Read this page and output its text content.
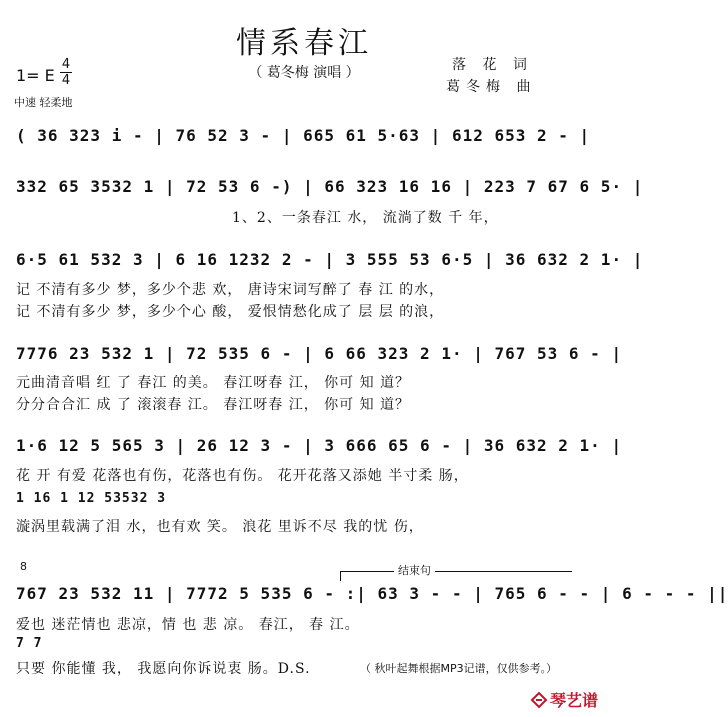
情系春江
（ 葛冬梅 演唱 ）	落 花 词
葛冬梅 曲
1= E
4
4
中速 轻柔地
( 36 323 i - | 76 52 3 - | 665 61 5·63 | 612 653 2 - |
332 65 3532 1 | 72 53 6 -) | 66 323 16 16 | 223 7 67 6 5· |
1、2、一条春江 水， 流淌了数 千 年，
6·5 61 532 3 | 6 16 1232 2 - | 3 555 53 6·5 | 36 632 2 1· |
记 不清有多少 梦，多少个悲 欢， 唐诗宋词写醉了 春 江 的水，
记 不清有多少 梦，多少个心 酸， 爱恨情愁化成了 层 层 的浪，
7776 23 532 1 | 72 535 6 - | 6 66 323 2 1· | 767 53 6 - |
元曲清音唱 红 了 春江 的美。 春江呀春 江， 你可 知 道？
分分合合汇 成 了 滚滚春 江。 春江呀春 江， 你可 知 道？
1·6 12 5 565 3 | 26 12 3 - | 3 666 65 6 - | 36 632 2 1· |
花 开 有爱 花落也有伤，花落也有伤。 花开花落又添她 半寸柔 肠，
1 16 1 12 53532 3
漩涡里载满了泪 水，也有欢 笑。 浪花 里诉不尽 我的忧 伤，
8	结束句
767 23 532 11 | 7772 5 535 6 - :| 63 3 - - | 765 6 - - | 6 - - - ||
爱也 迷茫情也 悲凉，情 也 悲 凉。 春江， 春 江。
7 7
只要 你能懂 我， 我愿向你诉说衷 肠。D.S.	（ 秋叶起舞根据MP3记谱，仅供参考。）
琴艺谱
